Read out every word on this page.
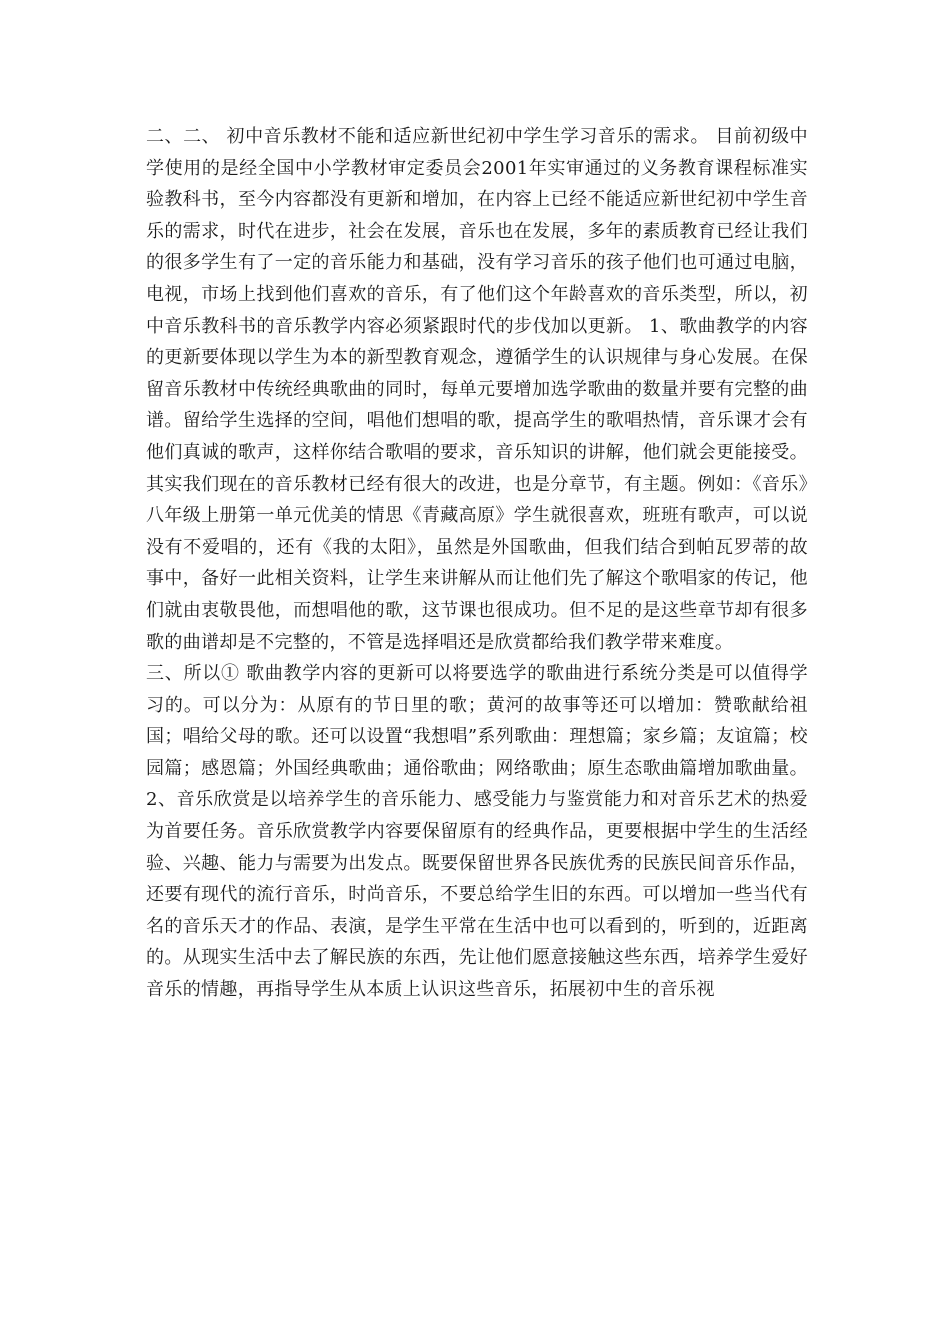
二、二、 初中音乐教材不能和适应新世纪初中学生学习音乐的需求。 目前初级中学使用的是经全国中小学教材审定委员会2001年实审通过的义务教育课程标准实验教科书，至今内容都没有更新和增加，在内容上已经不能适应新世纪初中学生音乐的需求，时代在进步，社会在发展，音乐也在发展，多年的素质教育已经让我们的很多学生有了一定的音乐能力和基础，没有学习音乐的孩子他们也可通过电脑，电视，市场上找到他们喜欢的音乐，有了他们这个年龄喜欢的音乐类型，所以，初中音乐教科书的音乐教学内容必须紧跟时代的步伐加以更新。 1、歌曲教学的内容的更新要体现以学生为本的新型教育观念，遵循学生的认识规律与身心发展。在保留音乐教材中传统经典歌曲的同时，每单元要增加选学歌曲的数量并要有完整的曲谱。留给学生选择的空间，唱他们想唱的歌，提高学生的歌唱热情，音乐课才会有他们真诚的歌声，这样你结合歌唱的要求，音乐知识的讲解，他们就会更能接受。其实我们现在的音乐教材已经有很大的改进，也是分章节，有主题。例如：《音乐》八年级上册第一单元优美的情思《青藏高原》学生就很喜欢，班班有歌声，可以说没有不爱唱的，还有《我的太阳》，虽然是外国歌曲，但我们结合到帕瓦罗蒂的故事中，备好一此相关资料，让学生来讲解从而让他们先了解这个歌唱家的传记，他们就由衷敬畏他，而想唱他的歌，这节课也很成功。但不足的是这些章节却有很多歌的曲谱却是不完整的，不管是选择唱还是欣赏都给我们教学带来难度。

三、所以① 歌曲教学内容的更新可以将要选学的歌曲进行系统分类是可以值得学习的。可以分为：从原有的节日里的歌；黄河的故事等还可以增加：赞歌献给祖国；唱给父母的歌。还可以设置“我想唱”系列歌曲：理想篇；家乡篇；友谊篇；校园篇；感恩篇；外国经典歌曲；通俗歌曲；网络歌曲；原生态歌曲篇增加歌曲量。 2、音乐欣赏是以培养学生的音乐能力、感受能力与鉴赏能力和对音乐艺术的热爱为首要任务。音乐欣赏教学内容要保留原有的经典作品，更要根据中学生的生活经验、兴趣、能力与需要为出发点。既要保留世界各民族优秀的民族民间音乐作品，还要有现代的流行音乐，时尚音乐，不要总给学生旧的东西。可以增加一些当代有名的音乐天才的作品、表演，是学生平常在生活中也可以看到的，听到的，近距离的。从现实生活中去了解民族的东西，先让他们愿意接触这些东西，培养学生爱好音乐的情趣，再指导学生从本质上认识这些音乐，拓展初中生的音乐视
